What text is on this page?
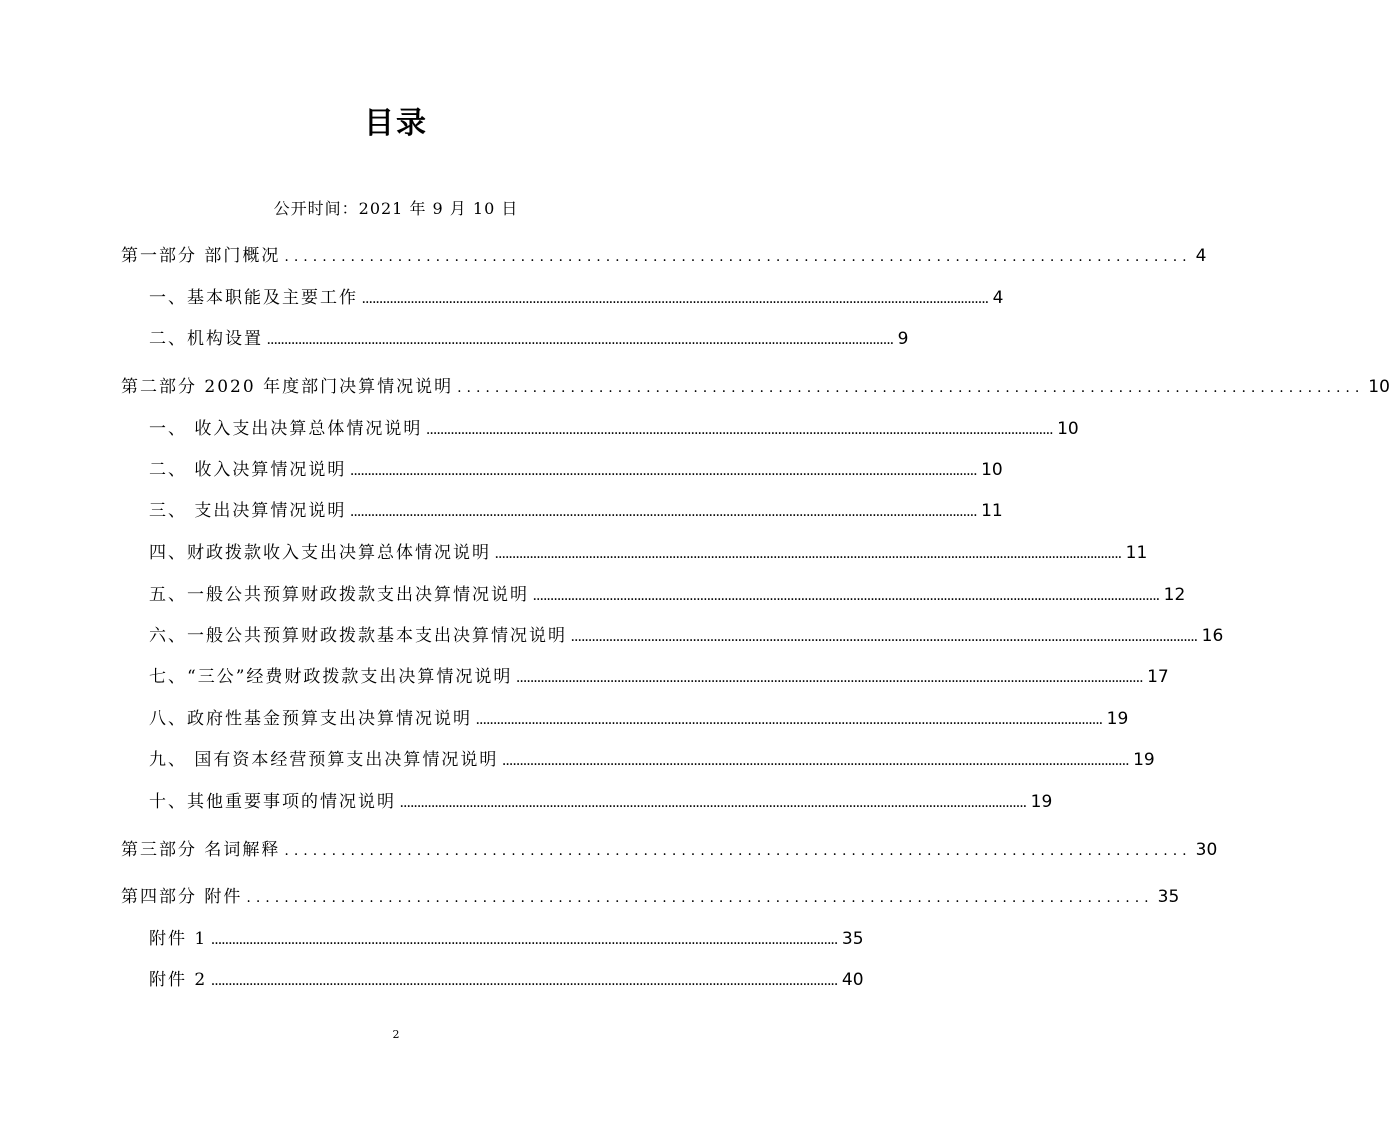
目录
公开时间：2021 年 9 月 10 日
第一部分 部门概况 ................................................................................................ 4
一、基本职能及主要工作 .................................................................................................................................................................................... 4
二、机构设置 .................................................................................................................................................................................... 9
第二部分 2020 年度部门决算情况说明 ................................................................................................ 10
一、 收入支出决算总体情况说明 .................................................................................................................................................................................... 10
二、 收入决算情况说明 .................................................................................................................................................................................... 10
三、 支出决算情况说明 .................................................................................................................................................................................... 11
四、财政拨款收入支出决算总体情况说明 .................................................................................................................................................................................... 11
五、一般公共预算财政拨款支出决算情况说明 .................................................................................................................................................................................... 12
六、一般公共预算财政拨款基本支出决算情况说明 .................................................................................................................................................................................... 16
七、“三公”经费财政拨款支出决算情况说明 .................................................................................................................................................................................... 17
八、政府性基金预算支出决算情况说明 .................................................................................................................................................................................... 19
九、 国有资本经营预算支出决算情况说明 .................................................................................................................................................................................... 19
十、其他重要事项的情况说明 .................................................................................................................................................................................... 19
第三部分 名词解释 ................................................................................................ 30
第四部分 附件 ................................................................................................ 35
附件 1 .................................................................................................................................................................................... 35
附件 2 .................................................................................................................................................................................... 40
2
